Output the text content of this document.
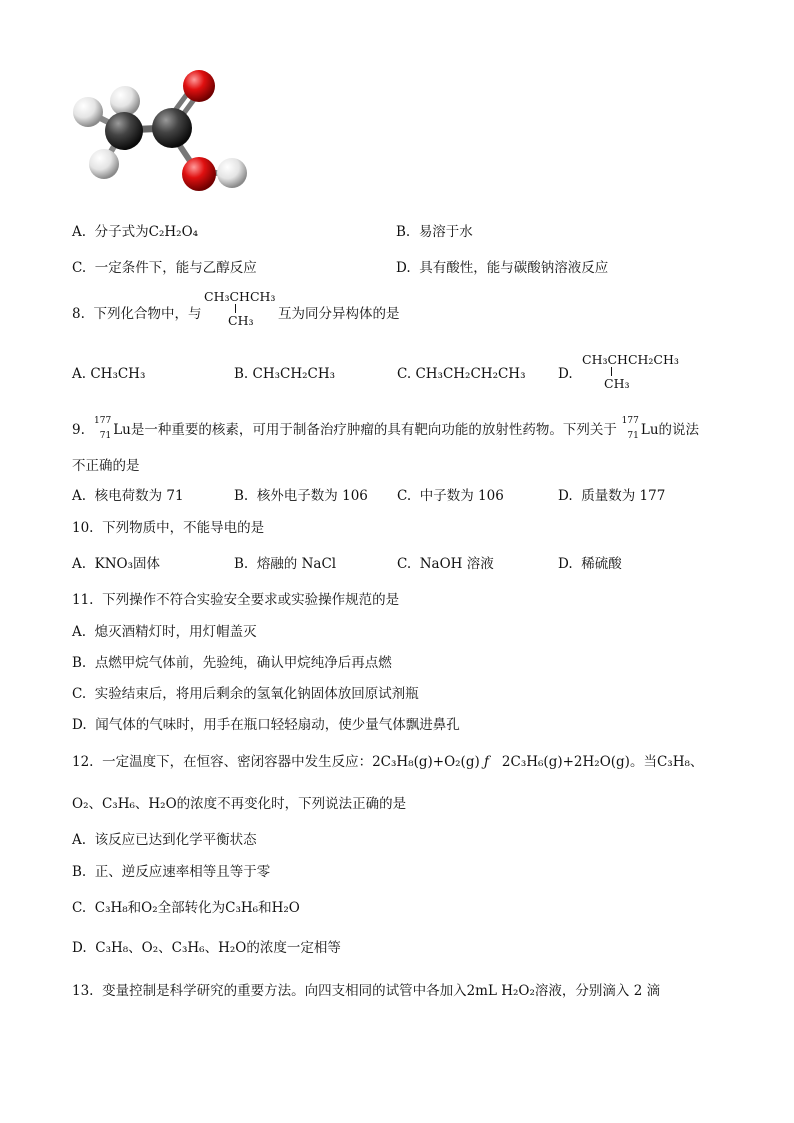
A. 分子式为C₂H₂O₄	B. 易溶于水
C. 一定条件下，能与乙醇反应	D. 具有酸性，能与碳酸钠溶液反应
8. 下列化合物中，与
CH₃CHCH₃
CH₃ 互为同分异构体的是
A. CH₃CH₃	B. CH₃CH₂CH₃	C. CH₃CH₂CH₂CH₃ D.
CH₃CHCH₂CH₃
CH₃
9.
177
71 Lu是一种重要的核素，可用于制备治疗肿瘤的具有靶向功能的放射性药物。下列关于
177
71 Lu的说法
不正确的是
A. 核电荷数为 71	B. 核外电子数为 106 C. 中子数为 106	D. 质量数为 177
10. 下列物质中，不能导电的是
A. KNO₃固体	B. 熔融的 NaCl	C. NaOH 溶液	D. 稀硫酸
11. 下列操作不符合实验安全要求或实验操作规范的是
A. 熄灭酒精灯时，用灯帽盖灭
B. 点燃甲烷气体前，先验纯，确认甲烷纯净后再点燃
C. 实验结束后，将用后剩余的氢氧化钠固体放回原试剂瓶
D. 闻气体的气味时，用手在瓶口轻轻扇动，使少量气体飘进鼻孔
12. 一定温度下，在恒容、密闭容器中发生反应：2C₃H₈(g)+O₂(g) ƒ 2C₃H₆(g)+2H₂O(g)。当C₃H₈、
O₂、C₃H₆、H₂O的浓度不再变化时，下列说法正确的是
A. 该反应已达到化学平衡状态
B. 正、逆反应速率相等且等于零
C. C₃H₈和O₂全部转化为C₃H₆和H₂O
D. C₃H₈、O₂、C₃H₆、H₂O的浓度一定相等
13. 变量控制是科学研究的重要方法。向四支相同的试管中各加入2mL H₂O₂溶液，分别滴入 2 滴
